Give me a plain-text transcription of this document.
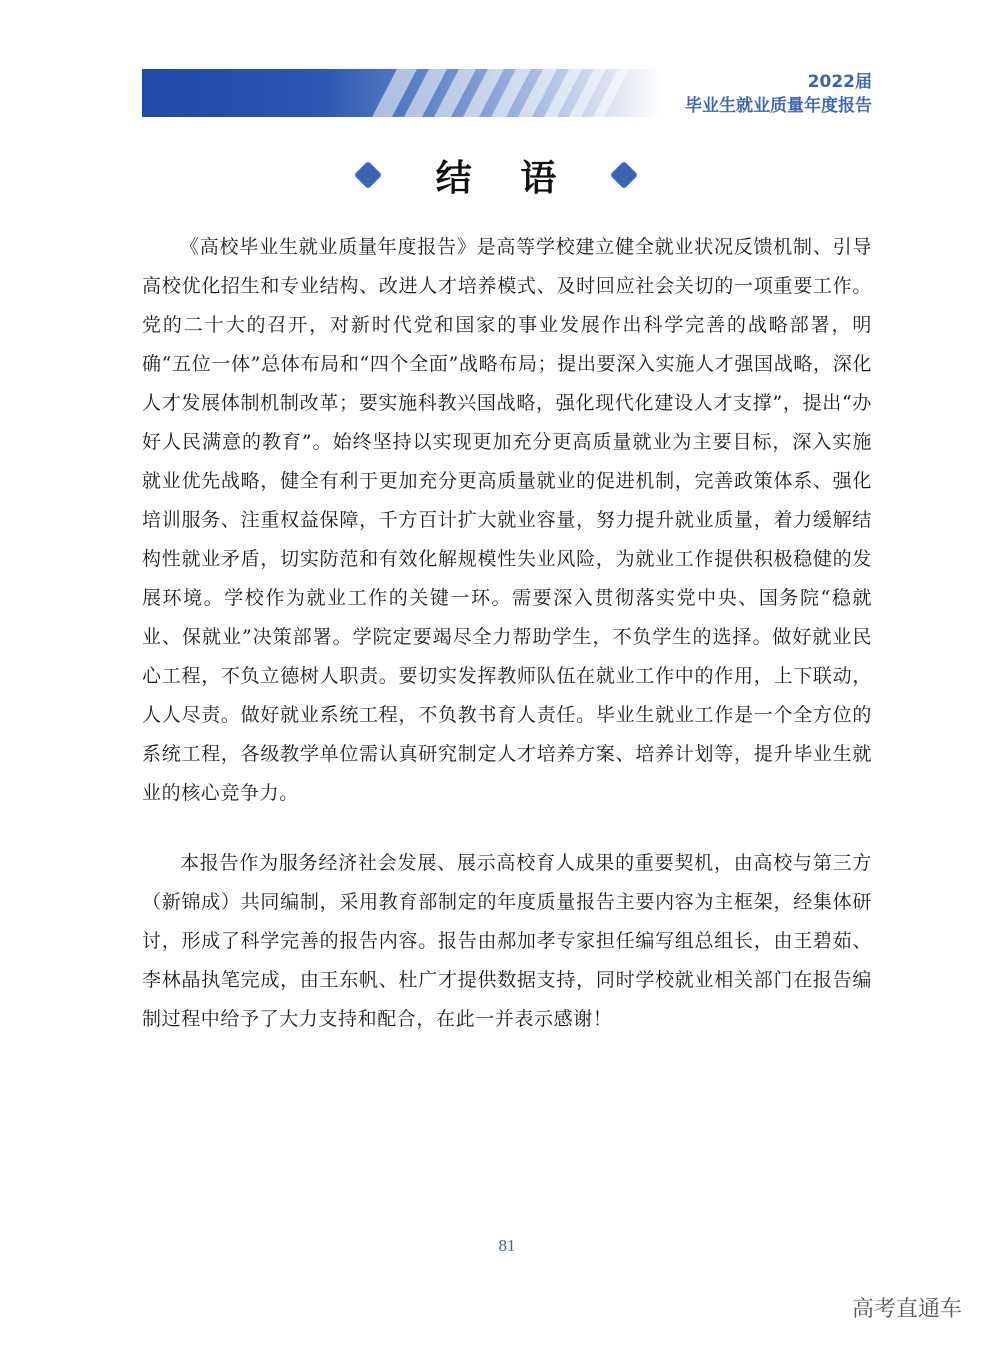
2022届
毕业生就业质量年度报告
结 语

《高校毕业生就业质量年度报告》是高等学校建立健全就业状况反馈机制、引导高校优化招生和专业结构、改进人才培养模式、及时回应社会关切的一项重要工作。党的二十大的召开，对新时代党和国家的事业发展作出科学完善的战略部署，明确“五位一体”总体布局和“四个全面”战略布局；提出要深入实施人才强国战略，深化人才发展体制机制改革；要实施科教兴国战略，强化现代化建设人才支撑”，提出“办好人民满意的教育”。始终坚持以实现更加充分更高质量就业为主要目标，深入实施就业优先战略，健全有利于更加充分更高质量就业的促进机制，完善政策体系、强化培训服务、注重权益保障，千方百计扩大就业容量，努力提升就业质量，着力缓解结构性就业矛盾，切实防范和有效化解规模性失业风险，为就业工作提供积极稳健的发展环境。学校作为就业工作的关键一环。需要深入贯彻落实党中央、国务院“稳就业、保就业”决策部署。学院定要竭尽全力帮助学生，不负学生的选择。做好就业民心工程，不负立德树人职责。要切实发挥教师队伍在就业工作中的作用，上下联动，人人尽责。做好就业系统工程，不负教书育人责任。毕业生就业工作是一个全方位的系统工程，各级教学单位需认真研究制定人才培养方案、培养计划等，提升毕业生就业的核心竞争力。

本报告作为服务经济社会发展、展示高校育人成果的重要契机，由高校与第三方（新锦成）共同编制，采用教育部制定的年度质量报告主要内容为主框架，经集体研讨，形成了科学完善的报告内容。报告由郝加孝专家担任编写组总组长，由王碧茹、李林晶执笔完成，由王东帆、杜广才提供数据支持，同时学校就业相关部门在报告编制过程中给予了大力支持和配合，在此一并表示感谢！

81
高考直通车
